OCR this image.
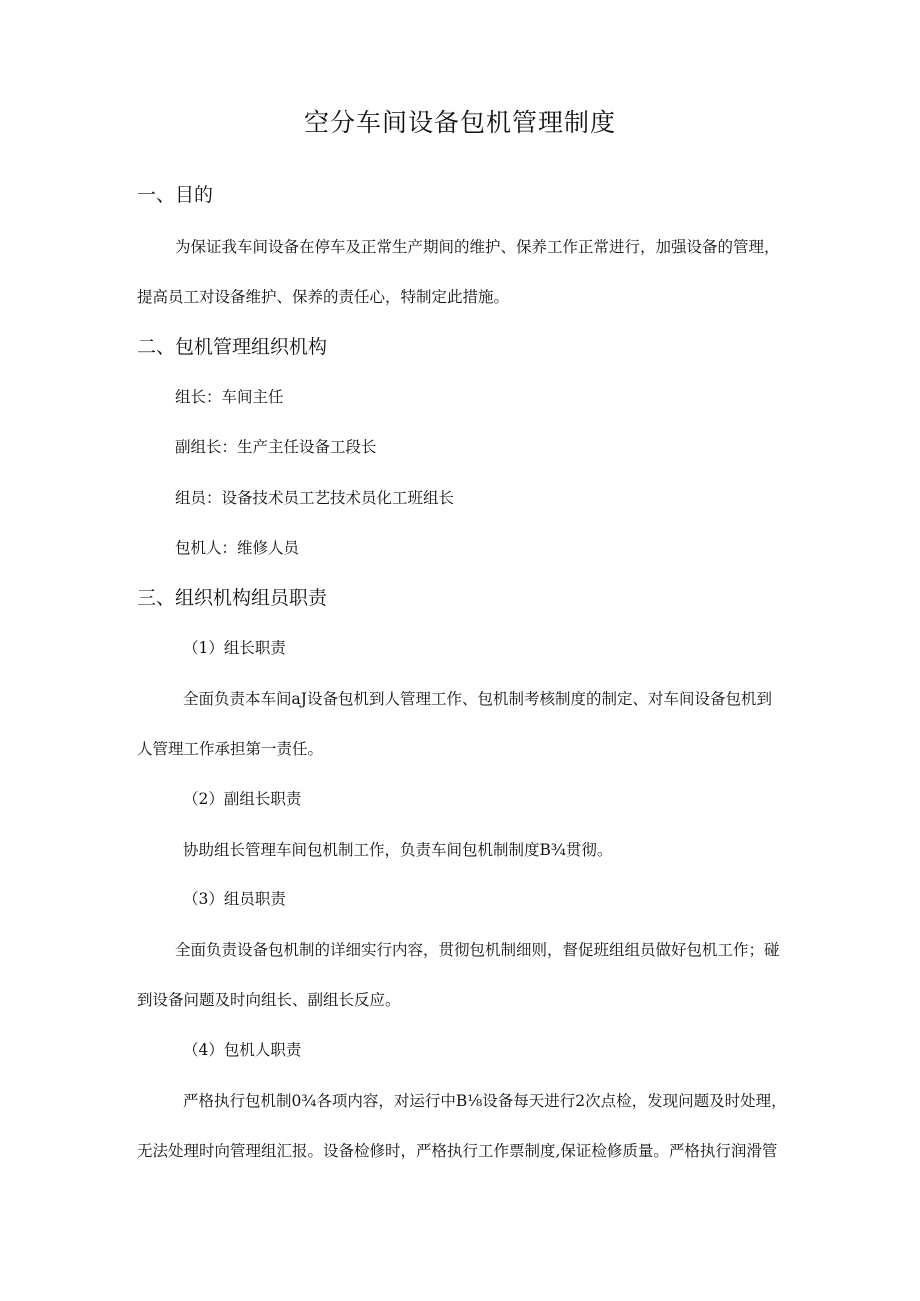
空分车间设备包机管理制度
一、目的
为保证我车间设备在停车及正常生产期间的维护、保养工作正常进行，加强设备的管理，
提高员工对设备维护、保养的责任心，特制定此措施。
二、包机管理组织机构
组长：车间主任
副组长：生产主任设备工段长
组员：设备技术员工艺技术员化工班组长
包机人：维修人员
三、组织机构组员职责
（1）组长职责
全面负责本车间aJ设备包机到人管理工作、包机制考核制度的制定、对车间设备包机到
人管理工作承担第一责任。
（2）副组长职责
协助组长管理车间包机制工作，负责车间包机制制度B¾贯彻。
（3）组员职责
全面负责设备包机制的详细实行内容，贯彻包机制细则，督促班组组员做好包机工作；碰
到设备问题及时向组长、副组长反应。
（4）包机人职责
严格执行包机制0¾各项内容，对运行中B⅛设备每天进行2次点检，发现问题及时处理，
无法处理时向管理组汇报。设备检修时，严格执行工作票制度,保证检修质量。严格执行润滑管
